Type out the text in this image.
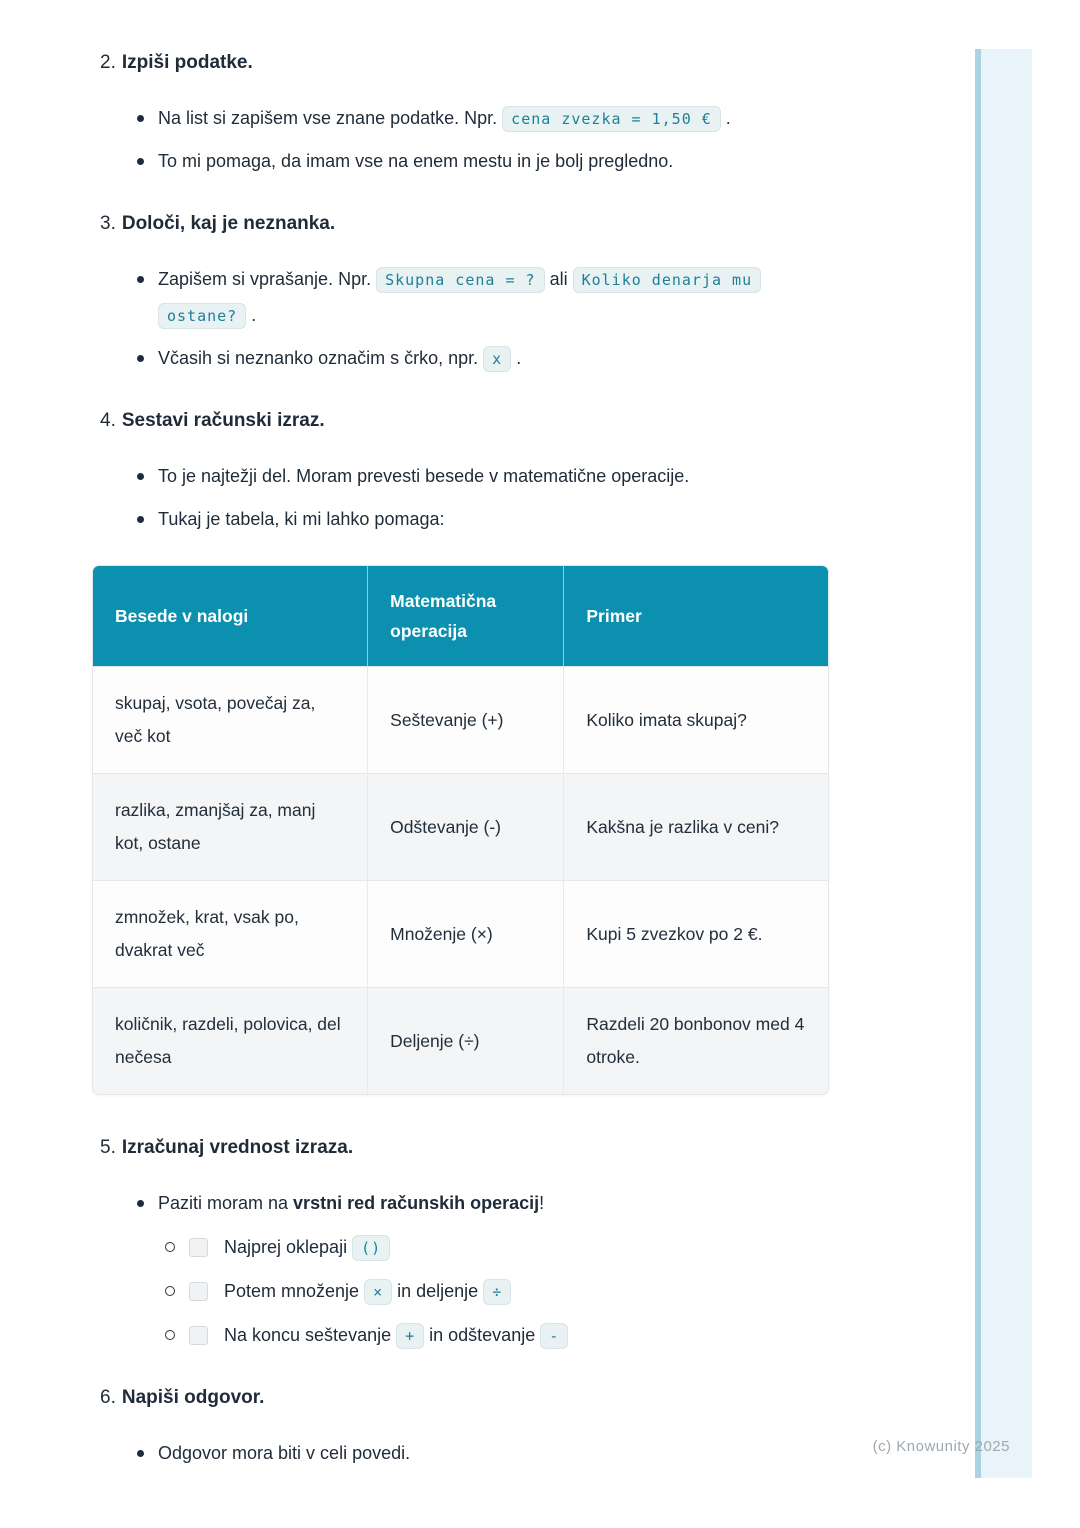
2. Izpiši podatke.
Na list si zapišem vse znane podatke. Npr. cena zvezka = 1,50 € .
To mi pomaga, da imam vse na enem mestu in je bolj pregledno.
3. Določi, kaj je neznanka.
Zapišem si vprašanje. Npr. Skupna cena = ? ali Koliko denarja mu ostane? .
Včasih si neznanko označim s črko, npr. x .
4. Sestavi računski izraz.
To je najtežji del. Moram prevesti besede v matematične operacije.
Tukaj je tabela, ki mi lahko pomaga:
Besede v nalogi	Matematična operacija	Primer
skupaj, vsota, povečaj za, več kot	Seštevanje (+)	Koliko imata skupaj?
razlika, zmanjšaj za, manj kot, ostane	Odštevanje (-)	Kakšna je razlika v ceni?
zmnožek, krat, vsak po, dvakrat več	Množenje (×)	Kupi 5 zvezkov po 2 €.
količnik, razdeli, polovica, del nečesa	Deljenje (÷)	Razdeli 20 bonbonov med 4 otroke.
5. Izračunaj vrednost izraza.
Paziti moram na vrstni red računskih operacij!
Najprej oklepaji ()
Potem množenje × in deljenje ÷
Na koncu seštevanje + in odštevanje -
6. Napiši odgovor.
Odgovor mora biti v celi povedi.	(c) Knowunity 2025
